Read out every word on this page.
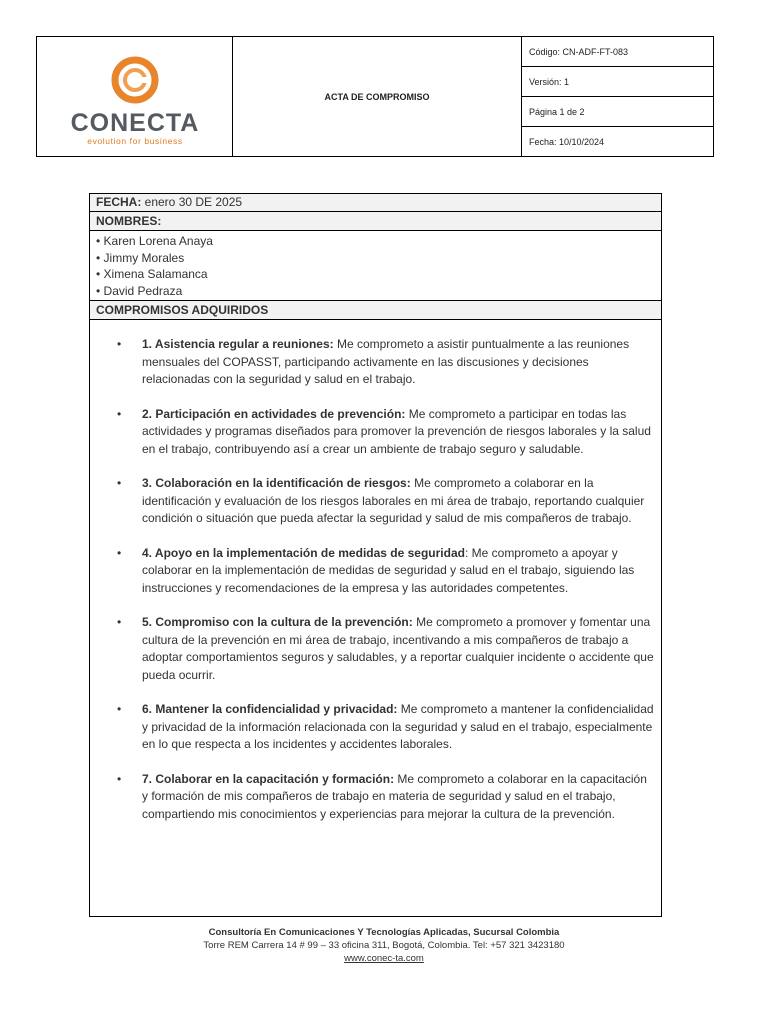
CONECTA
evolution for business
ACTA DE COMPROMISO
Código: CN-ADF-FT-083
Versión: 1
Página 1 de 2
Fecha: 10/10/2024
FECHA: enero 30 DE 2025
NOMBRES:
• Karen Lorena Anaya
• Jimmy Morales
• Ximena Salamanca
• David Pedraza
COMPROMISOS ADQUIRIDOS
• 1. Asistencia regular a reuniones: Me comprometo a asistir puntualmente a las reuniones mensuales del COPASST, participando activamente en las discusiones y decisiones relacionadas con la seguridad y salud en el trabajo.
• 2. Participación en actividades de prevención: Me comprometo a participar en todas las actividades y programas diseñados para promover la prevención de riesgos laborales y la salud en el trabajo, contribuyendo así a crear un ambiente de trabajo seguro y saludable.
• 3. Colaboración en la identificación de riesgos: Me comprometo a colaborar en la identificación y evaluación de los riesgos laborales en mi área de trabajo, reportando cualquier condición o situación que pueda afectar la seguridad y salud de mis compañeros de trabajo.
• 4. Apoyo en la implementación de medidas de seguridad: Me comprometo a apoyar y colaborar en la implementación de medidas de seguridad y salud en el trabajo, siguiendo las instrucciones y recomendaciones de la empresa y las autoridades competentes.
• 5. Compromiso con la cultura de la prevención: Me comprometo a promover y fomentar una cultura de la prevención en mi área de trabajo, incentivando a mis compañeros de trabajo a adoptar comportamientos seguros y saludables, y a reportar cualquier incidente o accidente que pueda ocurrir.
• 6. Mantener la confidencialidad y privacidad: Me comprometo a mantener la confidencialidad y privacidad de la información relacionada con la seguridad y salud en el trabajo, especialmente en lo que respecta a los incidentes y accidentes laborales.
• 7. Colaborar en la capacitación y formación: Me comprometo a colaborar en la capacitación y formación de mis compañeros de trabajo en materia de seguridad y salud en el trabajo, compartiendo mis conocimientos y experiencias para mejorar la cultura de la prevención.
Consultoría En Comunicaciones Y Tecnologías Aplicadas, Sucursal Colombia
Torre REM Carrera 14 # 99 – 33 oficina 311, Bogotá, Colombia. Tel: +57 321 3423180
www.conec-ta.com
